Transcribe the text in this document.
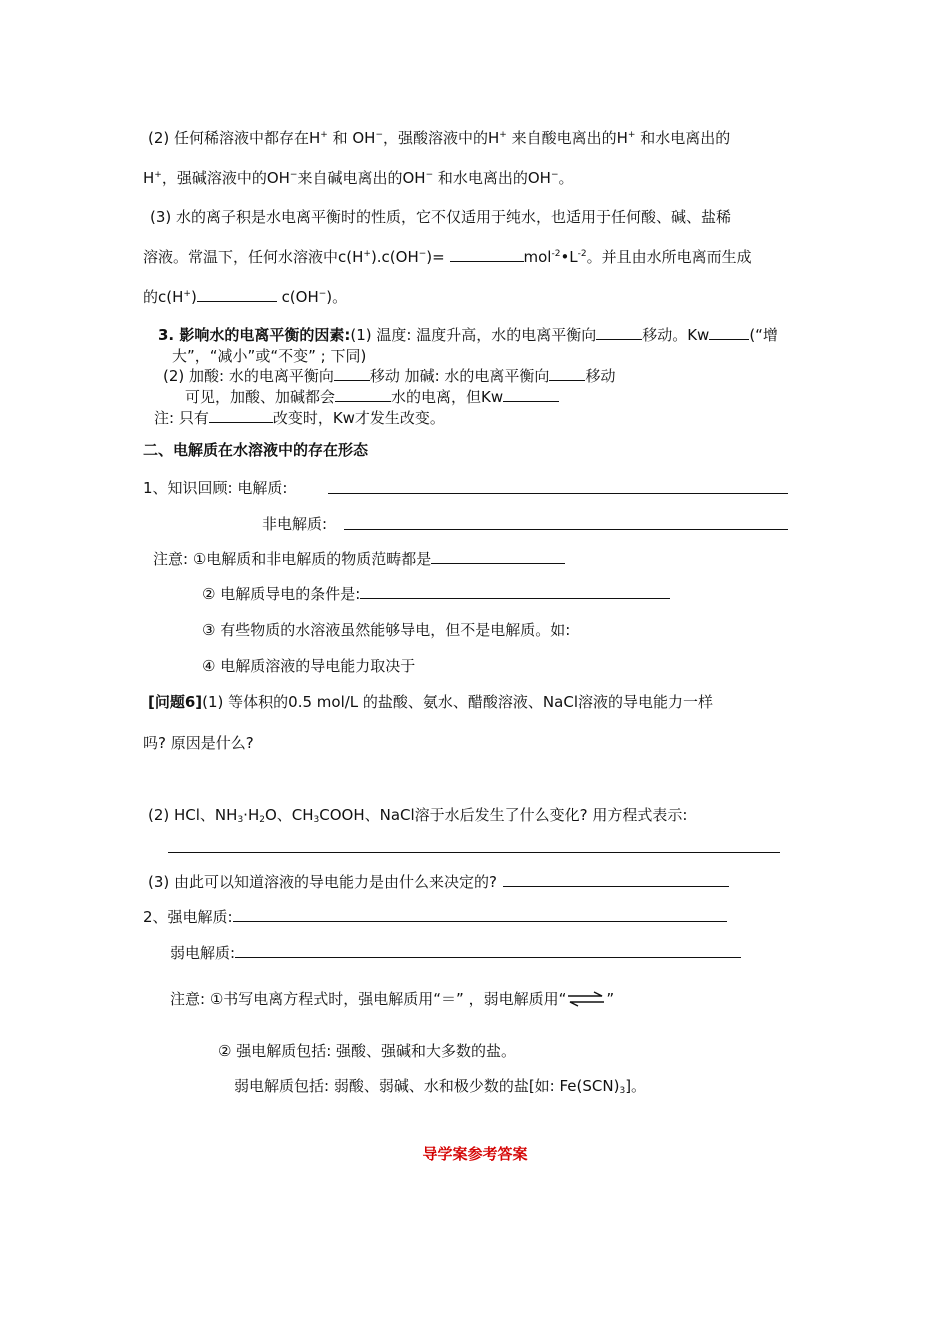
(2) 任何稀溶液中都存在H+ 和 OH−，强酸溶液中的H+ 来自酸电离出的H+ 和水电离出的
H+，强碱溶液中的OH−来自碱电离出的OH− 和水电离出的OH−。
(3) 水的离子积是水电离平衡时的性质，它不仅适用于纯水，也适用于任何酸、碱、盐稀
溶液。常温下，任何水溶液中c(H+).c(OH−)=	$mol^{-2}•L^{-2}$。并且由水所电离而生成
的c(H+)	c(OH−)。
3. 影响水的电离平衡的因素:(1) 温度: 温度升高，水的电离平衡向	移动。Kw	(“增
大”，“减小”或“不变” ; 下同)
(2) 加酸: 水的电离平衡向 移动 加碱: 水的电离平衡向 移动
可见，加酸、加碱都会	水的电离，但Kw
注: 只有	改变时，Kw才发生改变。
二、电解质在水溶液中的存在形态
1、知识回顾: 电解质:
非电解质:
注意: ①电解质和非电解质的物质范畴都是
② 电解质导电的条件是:
③ 有些物质的水溶液虽然能够导电，但不是电解质。如:
④ 电解质溶液的导电能力取决于
[问题6](1) 等体积的0.5 mol/L 的盐酸、氨水、醋酸溶液、NaCl溶液的导电能力一样
吗? 原因是什么?
(2) HCl、$NH_3\cdot H_2O$、$CH_3COOH$、NaCl溶于水后发生了什么变化? 用方程式表示:
(3) 由此可以知道溶液的导电能力是由什么来决定的?
2、强电解质:
弱电解质:
注意: ①书写电离方程式时，强电解质用“＝” ，弱电解质用“⇌”
② 强电解质包括: 强酸、强碱和大多数的盐。
弱电解质包括: 弱酸、弱碱、水和极少数的盐[如: $Fe(SCN)_3$]。
导学案参考答案
